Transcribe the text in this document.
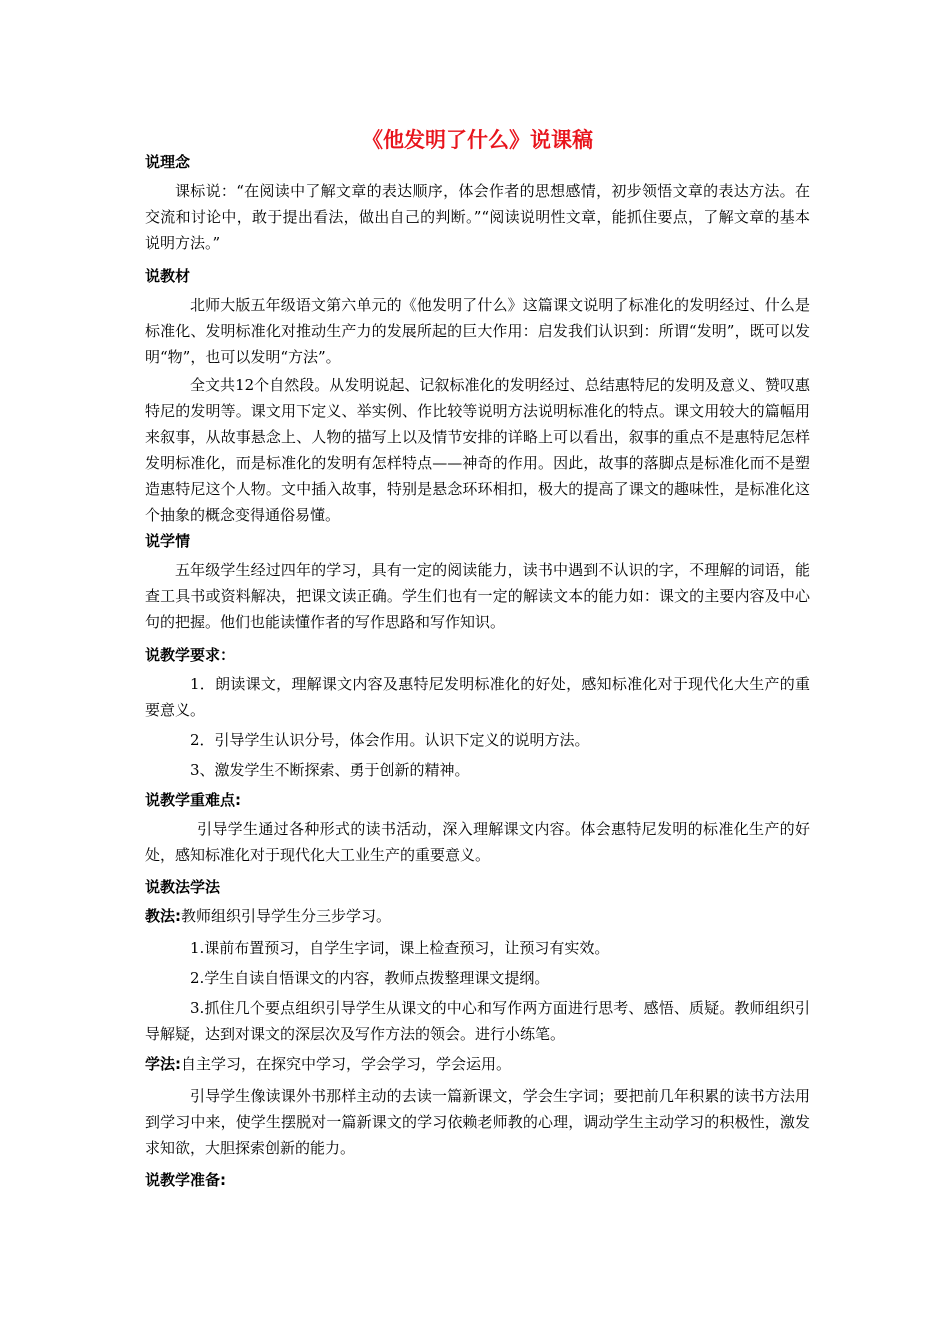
《他发明了什么》说课稿
说理念
课标说：“在阅读中了解文章的表达顺序，体会作者的思想感情，初步领悟文章的表达方法。在交流和讨论中，敢于提出看法，做出自己的判断。”“阅读说明性文章，能抓住要点，了解文章的基本说明方法。”
说教材
北师大版五年级语文第六单元的《他发明了什么》这篇课文说明了标准化的发明经过、什么是标准化、发明标准化对推动生产力的发展所起的巨大作用：启发我们认识到：所谓“发明”，既可以发明“物”，也可以发明“方法”。
全文共12个自然段。从发明说起、记叙标准化的发明经过、总结惠特尼的发明及意义、赞叹惠特尼的发明等。课文用下定义、举实例、作比较等说明方法说明标准化的特点。课文用较大的篇幅用来叙事，从故事悬念上、人物的描写上以及情节安排的详略上可以看出，叙事的重点不是惠特尼怎样发明标准化，而是标准化的发明有怎样特点——神奇的作用。因此，故事的落脚点是标准化而不是塑造惠特尼这个人物。文中插入故事，特别是悬念环环相扣，极大的提高了课文的趣味性，是标准化这个抽象的概念变得通俗易懂。
说学情
五年级学生经过四年的学习，具有一定的阅读能力，读书中遇到不认识的字，不理解的词语，能查工具书或资料解决，把课文读正确。学生们也有一定的解读文本的能力如：课文的主要内容及中心句的把握。他们也能读懂作者的写作思路和写作知识。
说教学要求：
1．朗读课文，理解课文内容及惠特尼发明标准化的好处，感知标准化对于现代化大生产的重要意义。
2．引导学生认识分号，体会作用。认识下定义的说明方法。
3、激发学生不断探索、勇于创新的精神。
说教学重难点:
引导学生通过各种形式的读书活动，深入理解课文内容。体会惠特尼发明的标准化生产的好处，感知标准化对于现代化大工业生产的重要意义。
说教法学法
教法:教师组织引导学生分三步学习。
1.课前布置预习，自学生字词，课上检查预习，让预习有实效。
2.学生自读自悟课文的内容，教师点拨整理课文提纲。
3.抓住几个要点组织引导学生从课文的中心和写作两方面进行思考、感悟、质疑。教师组织引导解疑，达到对课文的深层次及写作方法的领会。进行小练笔。
学法:自主学习，在探究中学习，学会学习，学会运用。
引导学生像读课外书那样主动的去读一篇新课文，学会生字词；要把前几年积累的读书方法用到学习中来，使学生摆脱对一篇新课文的学习依赖老师教的心理，调动学生主动学习的积极性，激发求知欲，大胆探索创新的能力。
说教学准备:
